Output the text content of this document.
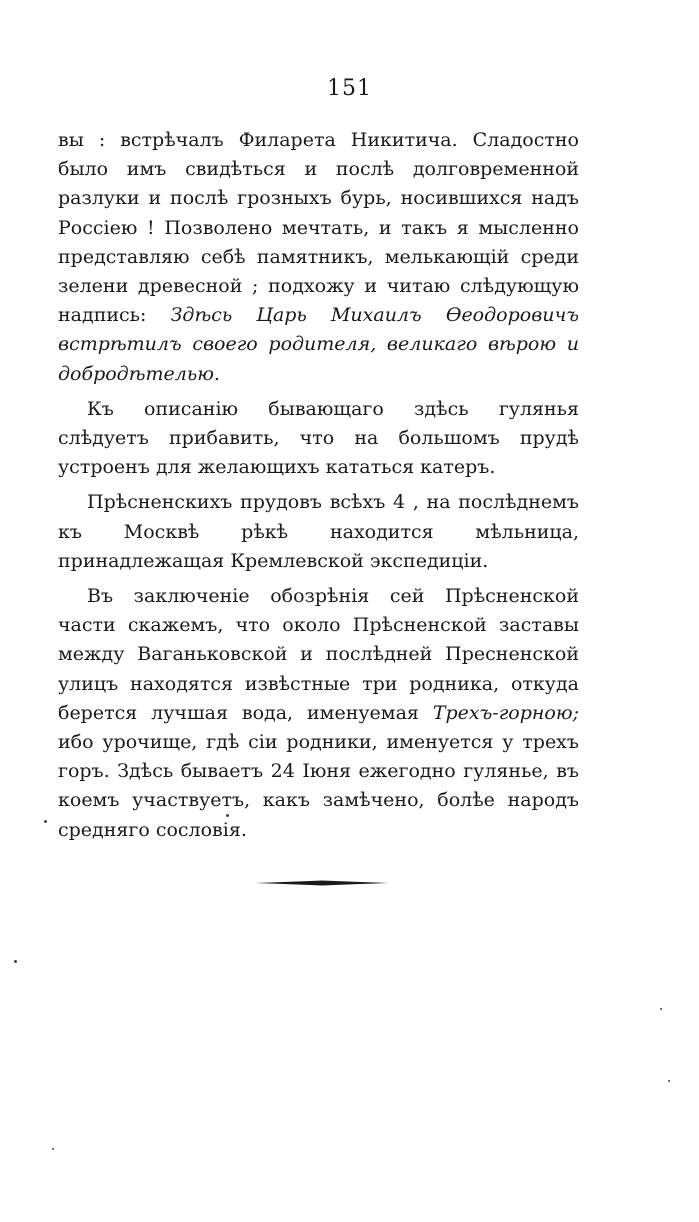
151

вы : встрѣчалъ Филарета Никитича. Сладостно было имъ свидѣться и послѣ долговременной разлуки и послѣ грозныхъ бурь, носившихся надъ Россіею ! Позволено мечтать, и такъ я мысленно представляю себѣ памятникъ, мелькающій среди зелени древесной ; подхожу и читаю слѣдующую надпись: Здѣсь Царь Михаилъ Ѳеодоровичъ встрѣтилъ своего родителя, великаго вѣрою и добродѣтелью.

Къ описанію бывающаго здѣсь гулянья слѣдуетъ прибавить, что на большомъ прудѣ устроенъ для желающихъ кататься катеръ.

Прѣсненскихъ прудовъ всѣхъ 4 , на послѣднемъ къ Москвѣ рѣкѣ находится мѣльница, принадлежащая Кремлевской экспедиціи.

Въ заключеніе обозрѣнія сей Прѣсненской части скажемъ, что около Прѣсненской заставы между Ваганьковской и послѣдней Пресненской улицъ находятся извѣстные три родника, откуда берется лучшая вода, именуемая Трехъ-горною; ибо урочище, гдѣ сіи родники, именуется у трехъ горъ. Здѣсь бываетъ 24 Іюня ежегодно гулянье, въ коемъ участвуетъ, какъ замѣчено, болѣе народъ средняго сословія.
